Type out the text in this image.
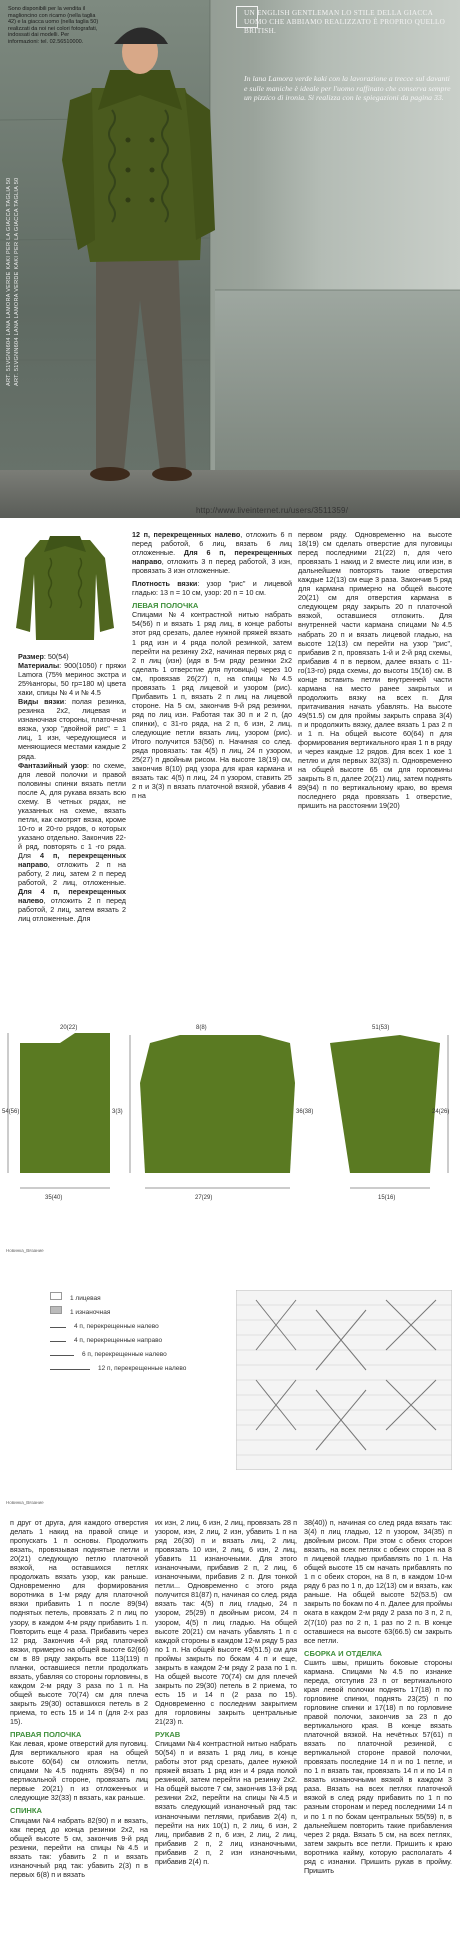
Sono disponibili per la vendita il maglioncino con ricamo (nella taglia 42) e la giacca uomo (nella taglia 50) realizzati da noi nei colori fotografati, indossati dai modelli. Per informazioni: tel. 02.56510000.
UN ENGLISH GENTLEMAN LO STILE DELLA GIACCA UOMO CHE ABBIAMO REALIZZATO È PROPRIO QUELLO BRITISH.
In lana Lamora verde kaki con la lavorazione a trecce sul davanti e sulle maniche è ideale per l'uomo raffinato che conserva sempre un pizzico di ironia. Si realizza con le spiegazioni da pagina 33.
ART. 51VGNN604 LANA LAMORA VERDE KAKI PER LA GIACCA TAGLIA 50 ART. 51VGNN604 LANA LAMORA VERDE KAKI PER LA GIACCA TAGLIA 50
http://www.liveinternet.ru/users/3511359/

Размер: 50(54)

Материалы: 900(1050) г пряжи Lamora (75% мериноc экстра и 25%ангоры, 50 гр=180 м) цвета хаки, спицы № 4 и № 4.5

Виды вязки: полая резинка, резинка 2х2, лицевая и изнаночная стороны, платочная вязка, узор "двойной рис" = 1 лиц, 1 изн, чередующиеся и меняющиеся местами каждые 2 ряда.

Фантазийный узор: по схеме, для левой полочки и правой половины спинки вязать петли после А, для рукава вязать всю схему. В четных рядах, не указанных на схеме, вязать петли, как смотрят вязка, кроме 10-го и 20-го рядов, о которых указано отдельно. Закончив 22-й ряд, повторять с 1 -го ряда. Для 4 п, перекрещенных направо, отложить 2 п на работу, 2 лиц, затем 2 п перед работой, 2 лиц, отложенные. Для 4 п, перекрещенных налево, отложить 2 п перед работой, 2 лиц, затем вязать 2 лиц отложенные. Для

12 п, перекрещенных налево, отложить 6 п перед работой, 6 лиц, вязать 6 лиц отложенные. Для 6 п, перекрещенных направо, отложить 3 п перед работой, 3 изн, провязать 3 изн отложенные.

Плотность вязки: узор "рис" и лицевой гладью: 13 п = 10 см, узор: 20 п = 10 см.

ЛЕВАЯ ПОЛОЧКА

Спицами №4 контрастной нитью набрать 54(56) п и вязать 1 ряд лиц, в конце работы этот ряд срезать, далее нужной пряжей вязать 1 ряд изн и 4 ряда полой резинкой, затем перейти на резинку 2х2, начиная первых ряд с 2 п лиц (изн) (идя в 5-м ряду резинки 2х2 сделать 1 отверстие для пуговицы) через 10 см, провязав 26(27) п, на спицы №4.5 провязать 1 ряд лицевой и узором (рис). Прибавить 1 п, вязать 2 п лиц на лицевой стороне. На 5 см, закончив 9-й ряд резинки, ряд по лиц изн. Работая так 30 п и 2 п, (до спинки), с 31-го ряда, на 2 п, 6 изн, 2 лиц, следующие петли вязать лиц, узором (рис). Итого получится 53(56) п. Начиная со след. ряда провязать: так 4(5) п лиц, 24 п узором, 25(27) п двойным рисом. На высоте 18(19) см, закончив 8(10) ряд узора для края кармана и вязать так: 4(5) п лиц, 24 п узором, ставить 25 2 п и 3(3) п вязать платочной вязкой, убавив 4 п на

первом ряду. Одновременно на высоте 18(19) см сделать отверстие для пуговицы перед последними 21(22) п, для чего провязать 1 накид и 2 вместе лиц или изн, в дальнейшем повторять такие отверстия каждые 12(13) см еще 3 раза. Закончив 5 ряд для кармана примерно на общей высоте 20(21) см для отверстия кармана в следующем ряду закрыть 20 п платочной вязкой, оставшиеся отложить. Для внутренней части кармана спицами №4.5 набрать 20 п и вязать лицевой гладью, на высоте 12(13) см перейти на узор "рис", прибавив 2 п, провязать 1-й и 2-й ряд схемы, прибавив 4 п в первом, далее вязать с 11-го(13-го) ряда схемы, до высоты 15(16) см. В конце вставить петли внутренней части кармана на место ранее закрытых и продолжить вязку на всех п. Для притачивания начать убавлять. На высоте 49(51.5) см для проймы закрыть справа 3(4) п и продолжить вязку, далее вязать 1 раз 2 п и 1 п. На общей высоте 60(64) п для формирования вертикального края 1 п в ряду и через каждые 12 рядов. Для всех 1 кое 1 петлю и для первых 32(33) п. Одновременно на общей высоте 65 см для горловины закрыть 8 п, далее 20(21) лиц, затем поднять 89(94) п по вертикальному краю, во время последнего ряда провязать 1 отверстие, пришить на расстоянии 19(20)

35(40)
20(22)	8(8)
27(29)
51(53)
15(16)
54(56)	3(3)	36(38)	24(26)
Новинка_Вязание
1 лицевая
1 изнаночная
4 п, перекрещенные налево
4 п, перекрещенные направо
6 п, перекрещенные налево
12 п, перекрещенные налево
Новинка_Вязание

п друг от друга, для каждого отверстия делать 1 накид на правой спице и пропускать 1 п основы. Продолжить вязать, провязывая поднятые петли и 20(21) следующую петлю платочной вязкой, на оставшихся петлях продолжать вязать узор, как раньше. Одновременно для формирования воротника в 1-м ряду для платочной вязки прибавить 1 п после 89(94) поднятых петель, провязать 2 п лиц по узору, в каждом 4-м ряду прибавить 1 п. Повторить еще 4 раза. Прибавить через 12 ряд. Закончив 4-й ряд платочной вязки, примерно на общей высоте 62(66) см в 89 ряду закрыть все 113(119) п планки, оставшиеся петли продолжать вязать, убавляя со стороны горловины, в каждом 2-м ряду 3 раза по 1 п. На общей высоте 70(74) см для плеча закрыть 29(30) оставшихся петель в 2 приема, то есть 15 и 14 п (для 2-х раз 15).

ПРАВАЯ ПОЛОЧКА

Как левая, кроме отверстий для пуговиц. Для вертикального края на общей высоте 60(64) см отложить петли, спицами №4.5 поднять 89(94) п по вертикальной стороне, провязать лиц первые 20(21) п из отложенных и следующие 32(33) п вязать, как раньше.

СПИНКА

Спицами №4 набрать 82(90) п и вязать, как перед до конца резинки 2х2, на общей высоте 5 см, закончив 9-й ряд резинки, перейти на спицы №4.5 и вязать так: убавить 2 п и вязать изнаночный ряд так: убавить 2(3) п в первых 6(8) п и вязать

их изн, 2 лиц, 6 изн, 2 лиц, провязать 28 п узором, изн, 2 лиц, 2 изн, убавить 1 п на ряд 26(30) п и вязать лиц, 2 лиц, провязать 10 изн, 2 лиц, 6 изн, 2 лиц, убавить 11 изнаночными. Для этого изнаночными, прибавив 2 п, 2 лиц, 6 изнаночными, прибавив 2 п. Для тонкой петли... Одновременно с этого ряда получится 81(87) п, начиная со след. ряда вязать так: 4(5) п лиц гладью, 24 п узором, 25(29) п двойным рисом, 24 п узором, 4(5) п лиц гладью. На общей высоте 20(21) см начать убавлять 1 п с каждой стороны в каждом 12-м ряду 5 раз по 1 п. На общей высоте 49(51.5) см для проймы закрыть по бокам 4 п и еще, закрыть в каждом 2-м ряду 2 раза по 1 п. На общей высоте 70(74) см для плечей закрыть по 29(30) петель в 2 приема, то есть 15 и 14 п (2 раза по 15). Одновременно с последним закрытием для горловины закрыть центральные 21(23) п.

РУКАВ

Спицами №4 контрастной нитью набрать 50(54) п и вязать 1 ряд лиц, в конце работы этот ряд срезать, далее нужной пряжей вязать 1 ряд изн и 4 ряда полой резинкой, затем перейти на резинку 2х2. На общей высоте 7 см, закончив 13-й ряд резинки 2х2, перейти на спицы №4.5 и вязать следующий изнаночный ряд так: изнаночными петлями, прибавив 2(4) п, перейти на них 10(1) п, 2 лиц, 6 изн, 2 лиц, прибавив 2 п, 6 изн, 2 лиц, 2 лиц, прибавив 2 п, 2 лиц изнаночными, прибавив 2 п, 2 изн изнаночными, прибавив 2(4) п.

38(40)) п, начиная со след ряда вязать так: 3(4) п лиц гладью, 12 п узором, 34(35) п двойным рисом. При этом с обеих сторон вязать, на всех петлях с обеих сторон на 8 п лицевой гладью прибавлять по 1 п. На общей высоте 15 см начать прибавлять по 1 п с обеих сторон, на 8 п, в каждом 10-м ряду 6 раз по 1 п, до 12(13) см и вязать, как раньше. На общей высоте 52(53.5) см закрыть по бокам по 4 п. Далее для проймы оката в каждом 2-м ряду 2 раза по 3 п, 2 п, 2(7(10) раз по 2 п, 1 раз по 2 п. В конце оставшиеся на высоте 63(66.5) см закрыть все петли.

СБОРКА И ОТДЕЛКА

Сшить швы, пришить боковые стороны кармана. Спицами №4.5 по изнанке переда, отступив 23 п от вертикального края левой полочки поднять 17(18) п по горловине спинки, поднять 23(25) п по горловине спинки и 17(18) п по горловине правой полочки, закончив за 23 п до вертикального края. В конце вязать платочной вязкой. На нечётных 57(61) п вязать по платочной резинкой, с вертикальной стороне правой полочки, провязать последние 14 п и по 1 петле, и по 1 п вязать так, провязать 14 п и по 14 п вязать изнаночными вязкой в каждом 3 раза. Вязать на всех петлях платочной вязкой в след ряду прибавить по 1 п по разным сторонам и перед последними 14 п и по 1 п по бокам центральных 55(59) п, в дальнейшем повторить такие прибавления через 2 ряда. Вязать 5 см, на всех петлях, затем закрыть все петли. Пришить к краю воротника кайму, которую располагать 4 ряд с изнанки. Пришить рукав в пройму. Пришить
